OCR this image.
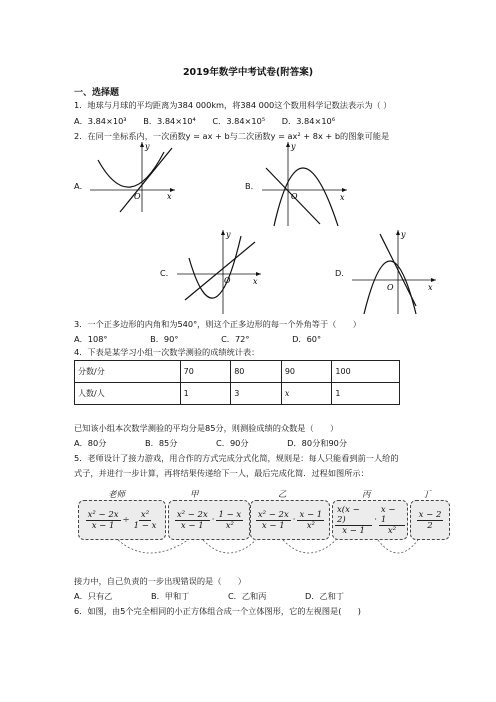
2019年数学中考试卷(附答案)
一、选择题
1．地球与月球的平均距离为384 000km，将384 000这个数用科学记数法表示为（ ）
A．3.84×10³ B．3.84×10⁴ C．3.84×10⁵ D．3.84×10⁶
2．在同一坐标系内，一次函数y = ax + b与二次函数y = ax² + 8x + b的图象可能是
A．
y
x
O
B．
y
x
O
C．
y
x
O
D．
y
x
O
3．一个正多边形的内角和为540°，则这个正多边形的每一个外角等于（　　）
A．108°	B．90°	C．72°	D．60°
4．下表是某学习小组一次数学测验的成绩统计表：
分数/分	70	80	90	100
人数/人	1	3	x	1
已知该小组本次数学测验的平均分是85分，则测验成绩的众数是（　　）
A．80分	B．85分	C．90分	D．80分和90分
5．老师设计了接力游戏，用合作的方式完成分式化简，规则是：每人只能看到前一人给的
式子，并进行一步计算，再将结果传递给下一人，最后完成化简．过程如图所示：
老师	甲	乙	丙	丁
$\frac{\text{x² − 2x}}{x - 1} \div \frac{\text{x²}}{1 - x} \frac{\text{x² − 2x}}{x - 1} \cdot \frac{1 - x}{\text{x²}} \frac{\text{x² − 2x}}{x - 1} \cdot \frac{x - 1}{\text{x²}} \frac{x(x - 2)}{x - 1} \cdot \frac{x - 1}{\text{x²}} \frac{x - 2}{2}$
接力中，自己负责的一步出现错误的是（　　）
A．只有乙	B．甲和丁	C．乙和丙	D．乙和丁
6．如图，由5个完全相同的小正方体组合成一个立体图形，它的左视图是(　　)
